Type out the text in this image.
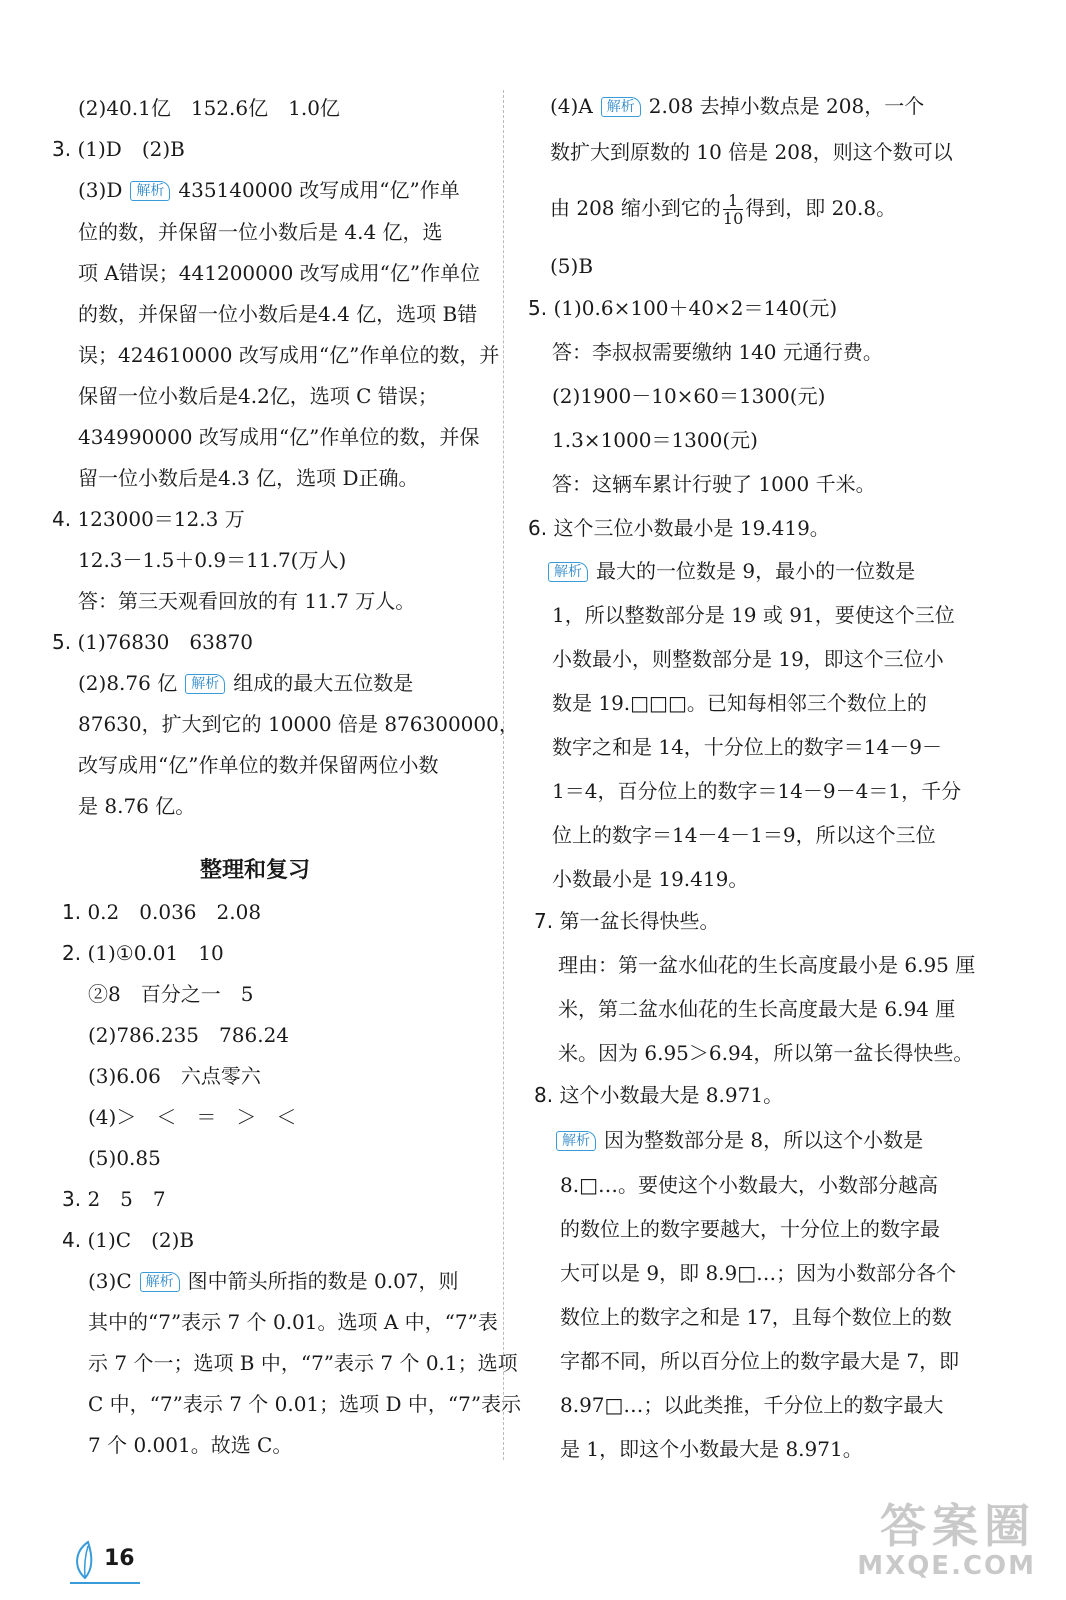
(2)40.1亿　152.6亿　1.0亿
3. (1)D　(2)B
(3)D 解析 435140000 改写成用“亿”作单
位的数，并保留一位小数后是 4.4 亿，选
项 A错误；441200000 改写成用“亿”作单位
的数，并保留一位小数后是4.4 亿，选项 B错
误；424610000 改写成用“亿”作单位的数，并
保留一位小数后是4.2亿，选项 C 错误；
434990000 改写成用“亿”作单位的数，并保
留一位小数后是4.3 亿，选项 D正确。
4. 123000＝12.3 万
12.3－1.5＋0.9＝11.7(万人)
答：第三天观看回放的有 11.7 万人。
5. (1)76830　63870
(2)8.76 亿 解析 组成的最大五位数是
87630，扩大到它的 10000 倍是 876300000，
改写成用“亿”作单位的数并保留两位小数
是 8.76 亿。
1. 0.2　0.036　2.08
2. (1)①0.01　10
②8　百分之一　5
(2)786.235　786.24
(3)6.06　六点零六
(4)＞　＜　＝　＞　＜
(5)0.85
3. 2　5　7
4. (1)C　(2)B
(3)C 解析 图中箭头所指的数是 0.07，则
其中的“7”表示 7 个 0.01。选项 A 中，“7”表
示 7 个一；选项 B 中，“7”表示 7 个 0.1；选项
C 中，“7”表示 7 个 0.01；选项 D 中，“7”表示
7 个 0.001。故选 C。
整理和复习
(4)A 解析 2.08 去掉小数点是 208，一个
数扩大到原数的 10 倍是 208，则这个数可以
由 208 缩小到它的 $\frac{1}{10}$ 得到，即 20.8。
(5)B
5. (1)0.6×100＋40×2＝140(元)
答：李叔叔需要缴纳 140 元通行费。
(2)1900－10×60＝1300(元)
1.3×1000＝1300(元)
答：这辆车累计行驶了 1000 千米。
6. 这个三位小数最小是 19.419。
解析 最大的一位数是 9，最小的一位数是
1，所以整数部分是 19 或 91，要使这个三位
小数最小，则整数部分是 19，即这个三位小
数是 19.□□□。已知每相邻三个数位上的
数字之和是 14，十分位上的数字＝14－9－
1＝4，百分位上的数字＝14－9－4＝1，千分
位上的数字＝14－4－1＝9，所以这个三位
小数最小是 19.419。
7. 第一盆长得快些。
理由：第一盆水仙花的生长高度最小是 6.95 厘
米，第二盆水仙花的生长高度最大是 6.94 厘
米。因为 6.95＞6.94，所以第一盆长得快些。
8. 这个小数最大是 8.971。
解析 因为整数部分是 8，所以这个小数是
8.□…。要使这个小数最大，小数部分越高
的数位上的数字要越大，十分位上的数字最
大可以是 9，即 8.9□…；因为小数部分各个
数位上的数字之和是 17，且每个数位上的数
字都不同，所以百分位上的数字最大是 7，即
8.97□…；以此类推，千分位上的数字最大
是 1，即这个小数最大是 8.971。
16
答案圈
MXQE.COM
